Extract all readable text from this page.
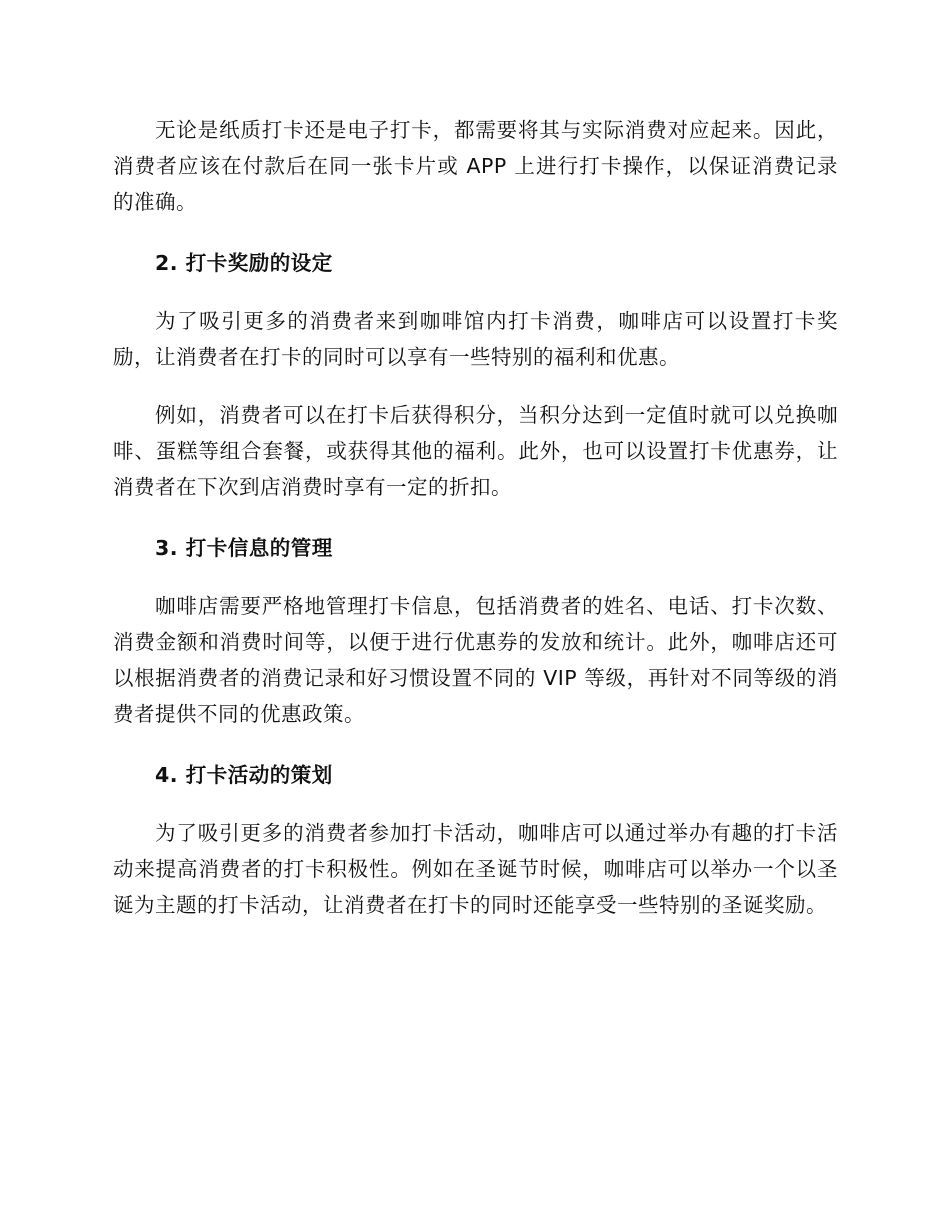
无论是纸质打卡还是电子打卡，都需要将其与实际消费对应起来。因此，消费者应该在付款后在同一张卡片或 APP 上进行打卡操作，以保证消费记录的准确。

2. 打卡奖励的设定

为了吸引更多的消费者来到咖啡馆内打卡消费，咖啡店可以设置打卡奖励，让消费者在打卡的同时可以享有一些特别的福利和优惠。

例如，消费者可以在打卡后获得积分，当积分达到一定值时就可以兑换咖啡、蛋糕等组合套餐，或获得其他的福利。此外，也可以设置打卡优惠券，让消费者在下次到店消费时享有一定的折扣。

3. 打卡信息的管理

咖啡店需要严格地管理打卡信息，包括消费者的姓名、电话、打卡次数、消费金额和消费时间等，以便于进行优惠券的发放和统计。此外，咖啡店还可以根据消费者的消费记录和好习惯设置不同的 VIP 等级，再针对不同等级的消费者提供不同的优惠政策。

4. 打卡活动的策划

为了吸引更多的消费者参加打卡活动，咖啡店可以通过举办有趣的打卡活动来提高消费者的打卡积极性。例如在圣诞节时候，咖啡店可以举办一个以圣诞为主题的打卡活动，让消费者在打卡的同时还能享受一些特别的圣诞奖励。
